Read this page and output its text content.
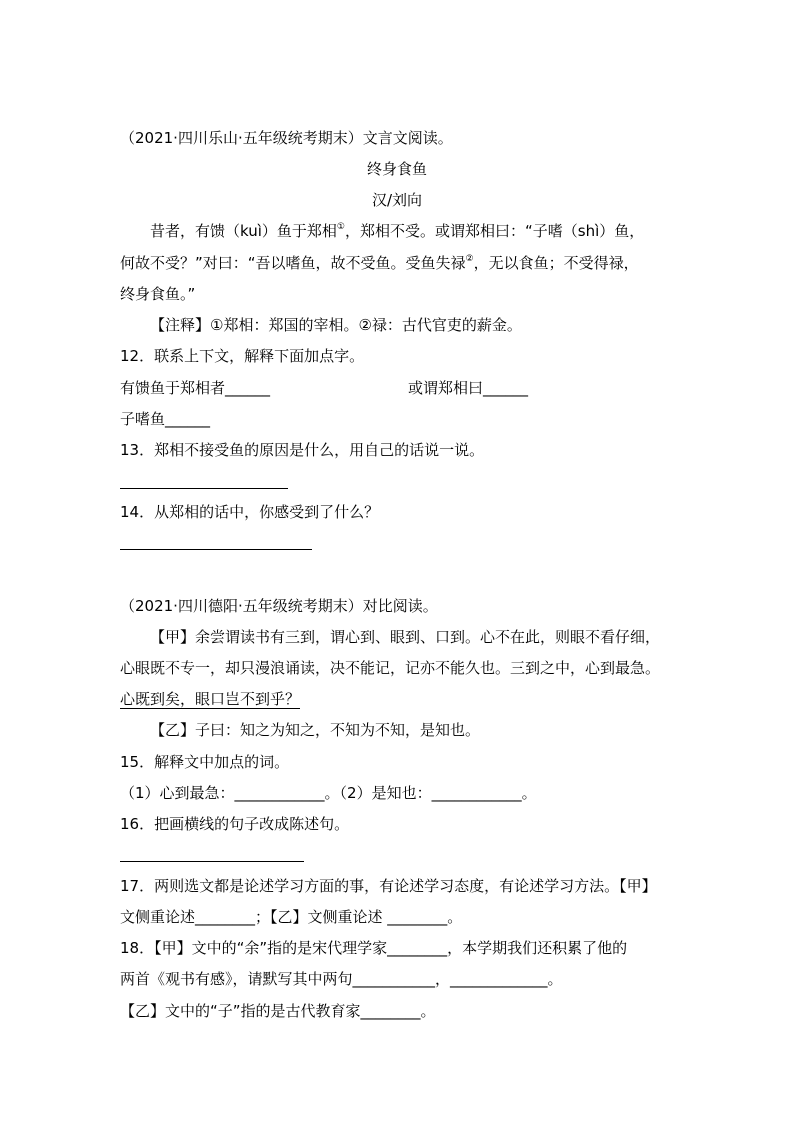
（2021·四川乐山·五年级统考期末）文言文阅读。
终身食鱼
汉/刘向
昔者，有馈（kuì）鱼于郑相①，郑相不受。或谓郑相曰：“子嗜（shì）鱼，
何故不受？”对曰：“吾以嗜鱼，故不受鱼。受鱼失禄②，无以食鱼；不受得禄，
终身食鱼。”
【注释】①郑相：郑国的宰相。②禄：古代官吏的薪金。
12．联系上下文，解释下面加点字。
有馈鱼于郑相者______	或谓郑相曰______
子嗜鱼______
13．郑相不接受鱼的原因是什么，用自己的话说一说。
14．从郑相的话中，你感受到了什么？
（2021·四川德阳·五年级统考期末）对比阅读。
【甲】余尝谓读书有三到，谓心到、眼到、口到。心不在此，则眼不看仔细，
心眼既不专一，却只漫浪诵读，决不能记，记亦不能久也。三到之中，心到最急。
心既到矣，眼口岂不到乎？
【乙】子曰：知之为知之，不知为不知，是知也。
15．解释文中加点的词。
（1）心到最急：____________。（2）是知也：____________。
16．把画横线的句子改成陈述句。
17．两则选文都是论述学习方面的事，有论述学习态度，有论述学习方法。【甲】
文侧重论述________；【乙】文侧重论述 ________。
18．【甲】文中的“余”指的是宋代理学家________，本学期我们还积累了他的
两首《观书有感》，请默写其中两句___________，_____________。
【乙】文中的“子”指的是古代教育家________。
